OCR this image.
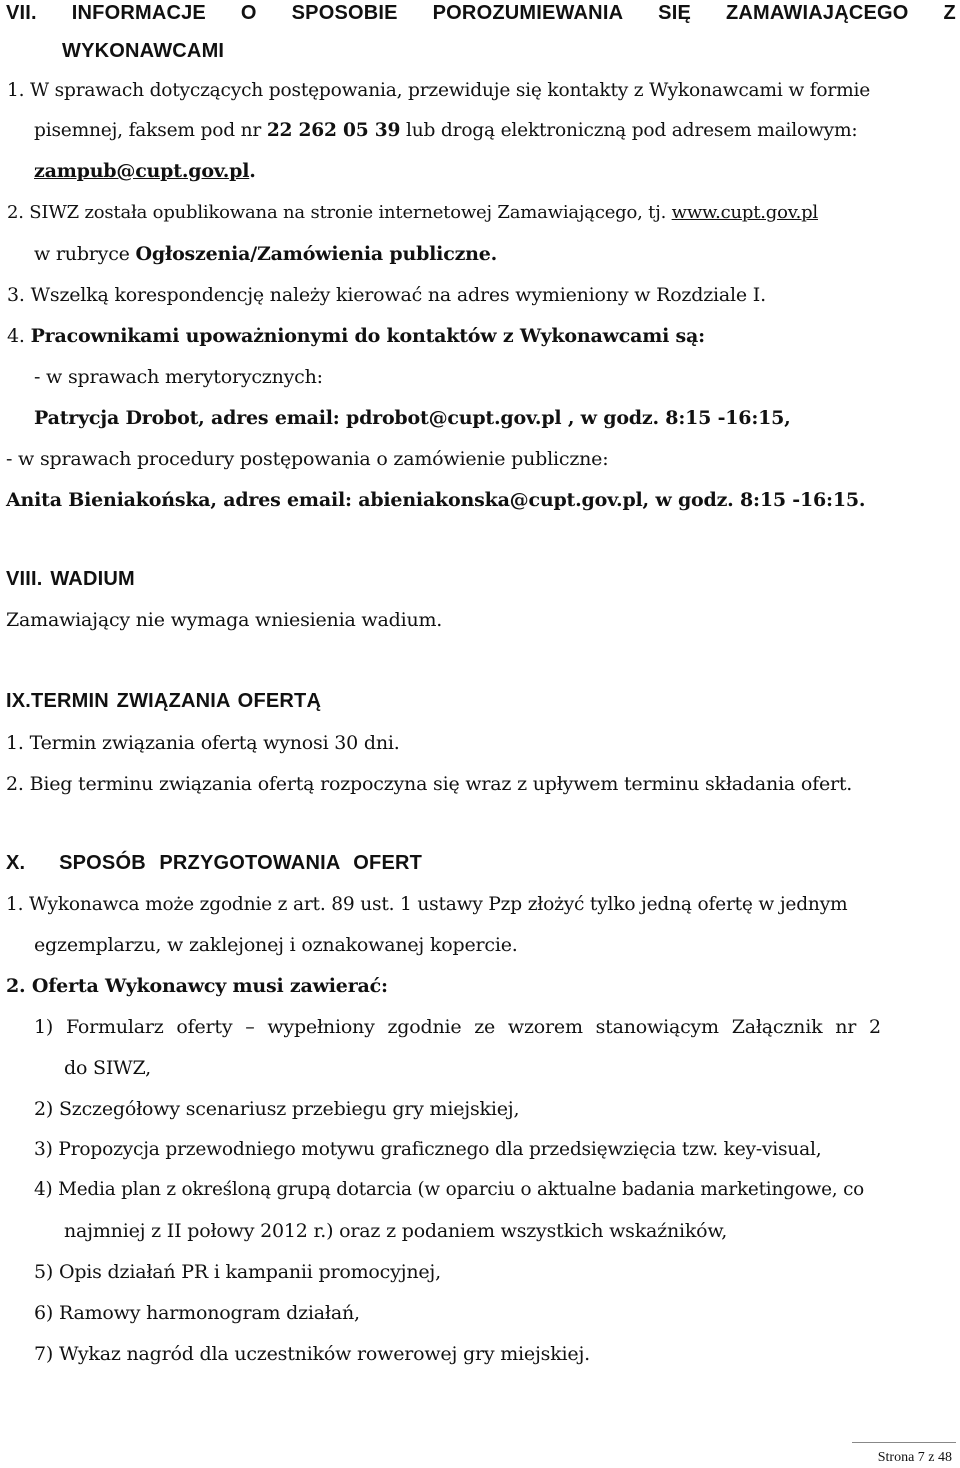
VII. INFORMACJE O SPOSOBIE POROZUMIEWANIA SIĘ ZAMAWIAJĄCEGO Z
WYKONAWCAMI
1. W sprawach dotyczących postępowania, przewiduje się kontakty z Wykonawcami w formie
pisemnej, faksem pod nr 22 262 05 39 lub drogą elektroniczną pod adresem mailowym:
zampub@cupt.gov.pl.
2. SIWZ została opublikowana na stronie internetowej Zamawiającego, tj. www.cupt.gov.pl
w rubryce Ogłoszenia/Zamówienia publiczne.
3. Wszelką korespondencję należy kierować na adres wymieniony w Rozdziale I.
4. Pracownikami upoważnionymi do kontaktów z Wykonawcami są:
- w sprawach merytorycznych:
Patrycja Drobot, adres email: pdrobot@cupt.gov.pl , w godz. 8:15 -16:15,
- w sprawach procedury postępowania o zamówienie publiczne:
Anita Bieniakońska, adres email: abieniakonska@cupt.gov.pl, w godz. 8:15 -16:15.
VIII. WADIUM
Zamawiający nie wymaga wniesienia wadium.
IX.TERMIN ZWIĄZANIA OFERTĄ
1. Termin związania ofertą wynosi 30 dni.
2. Bieg terminu związania ofertą rozpoczyna się wraz z upływem terminu składania ofert.
X.     SPOSÓB  PRZYGOTOWANIA  OFERT
1. Wykonawca może zgodnie z art. 89 ust. 1 ustawy Pzp złożyć tylko jedną ofertę w jednym
egzemplarzu, w zaklejonej i oznakowanej kopercie.
2. Oferta Wykonawcy musi zawierać:
1) Formularz oferty – wypełniony zgodnie ze wzorem stanowiącym Załącznik nr 2
do SIWZ,
2) Szczegółowy scenariusz przebiegu gry miejskiej,
3) Propozycja przewodniego motywu graficznego dla przedsięwzięcia tzw. key-visual,
4) Media plan z określoną grupą dotarcia (w oparciu o aktualne badania marketingowe, co
najmniej z II połowy 2012 r.) oraz z podaniem wszystkich wskaźników,
5) Opis działań PR i kampanii promocyjnej,
6) Ramowy harmonogram działań,
7) Wykaz nagród dla uczestników rowerowej gry miejskiej.
Strona 7 z 48
